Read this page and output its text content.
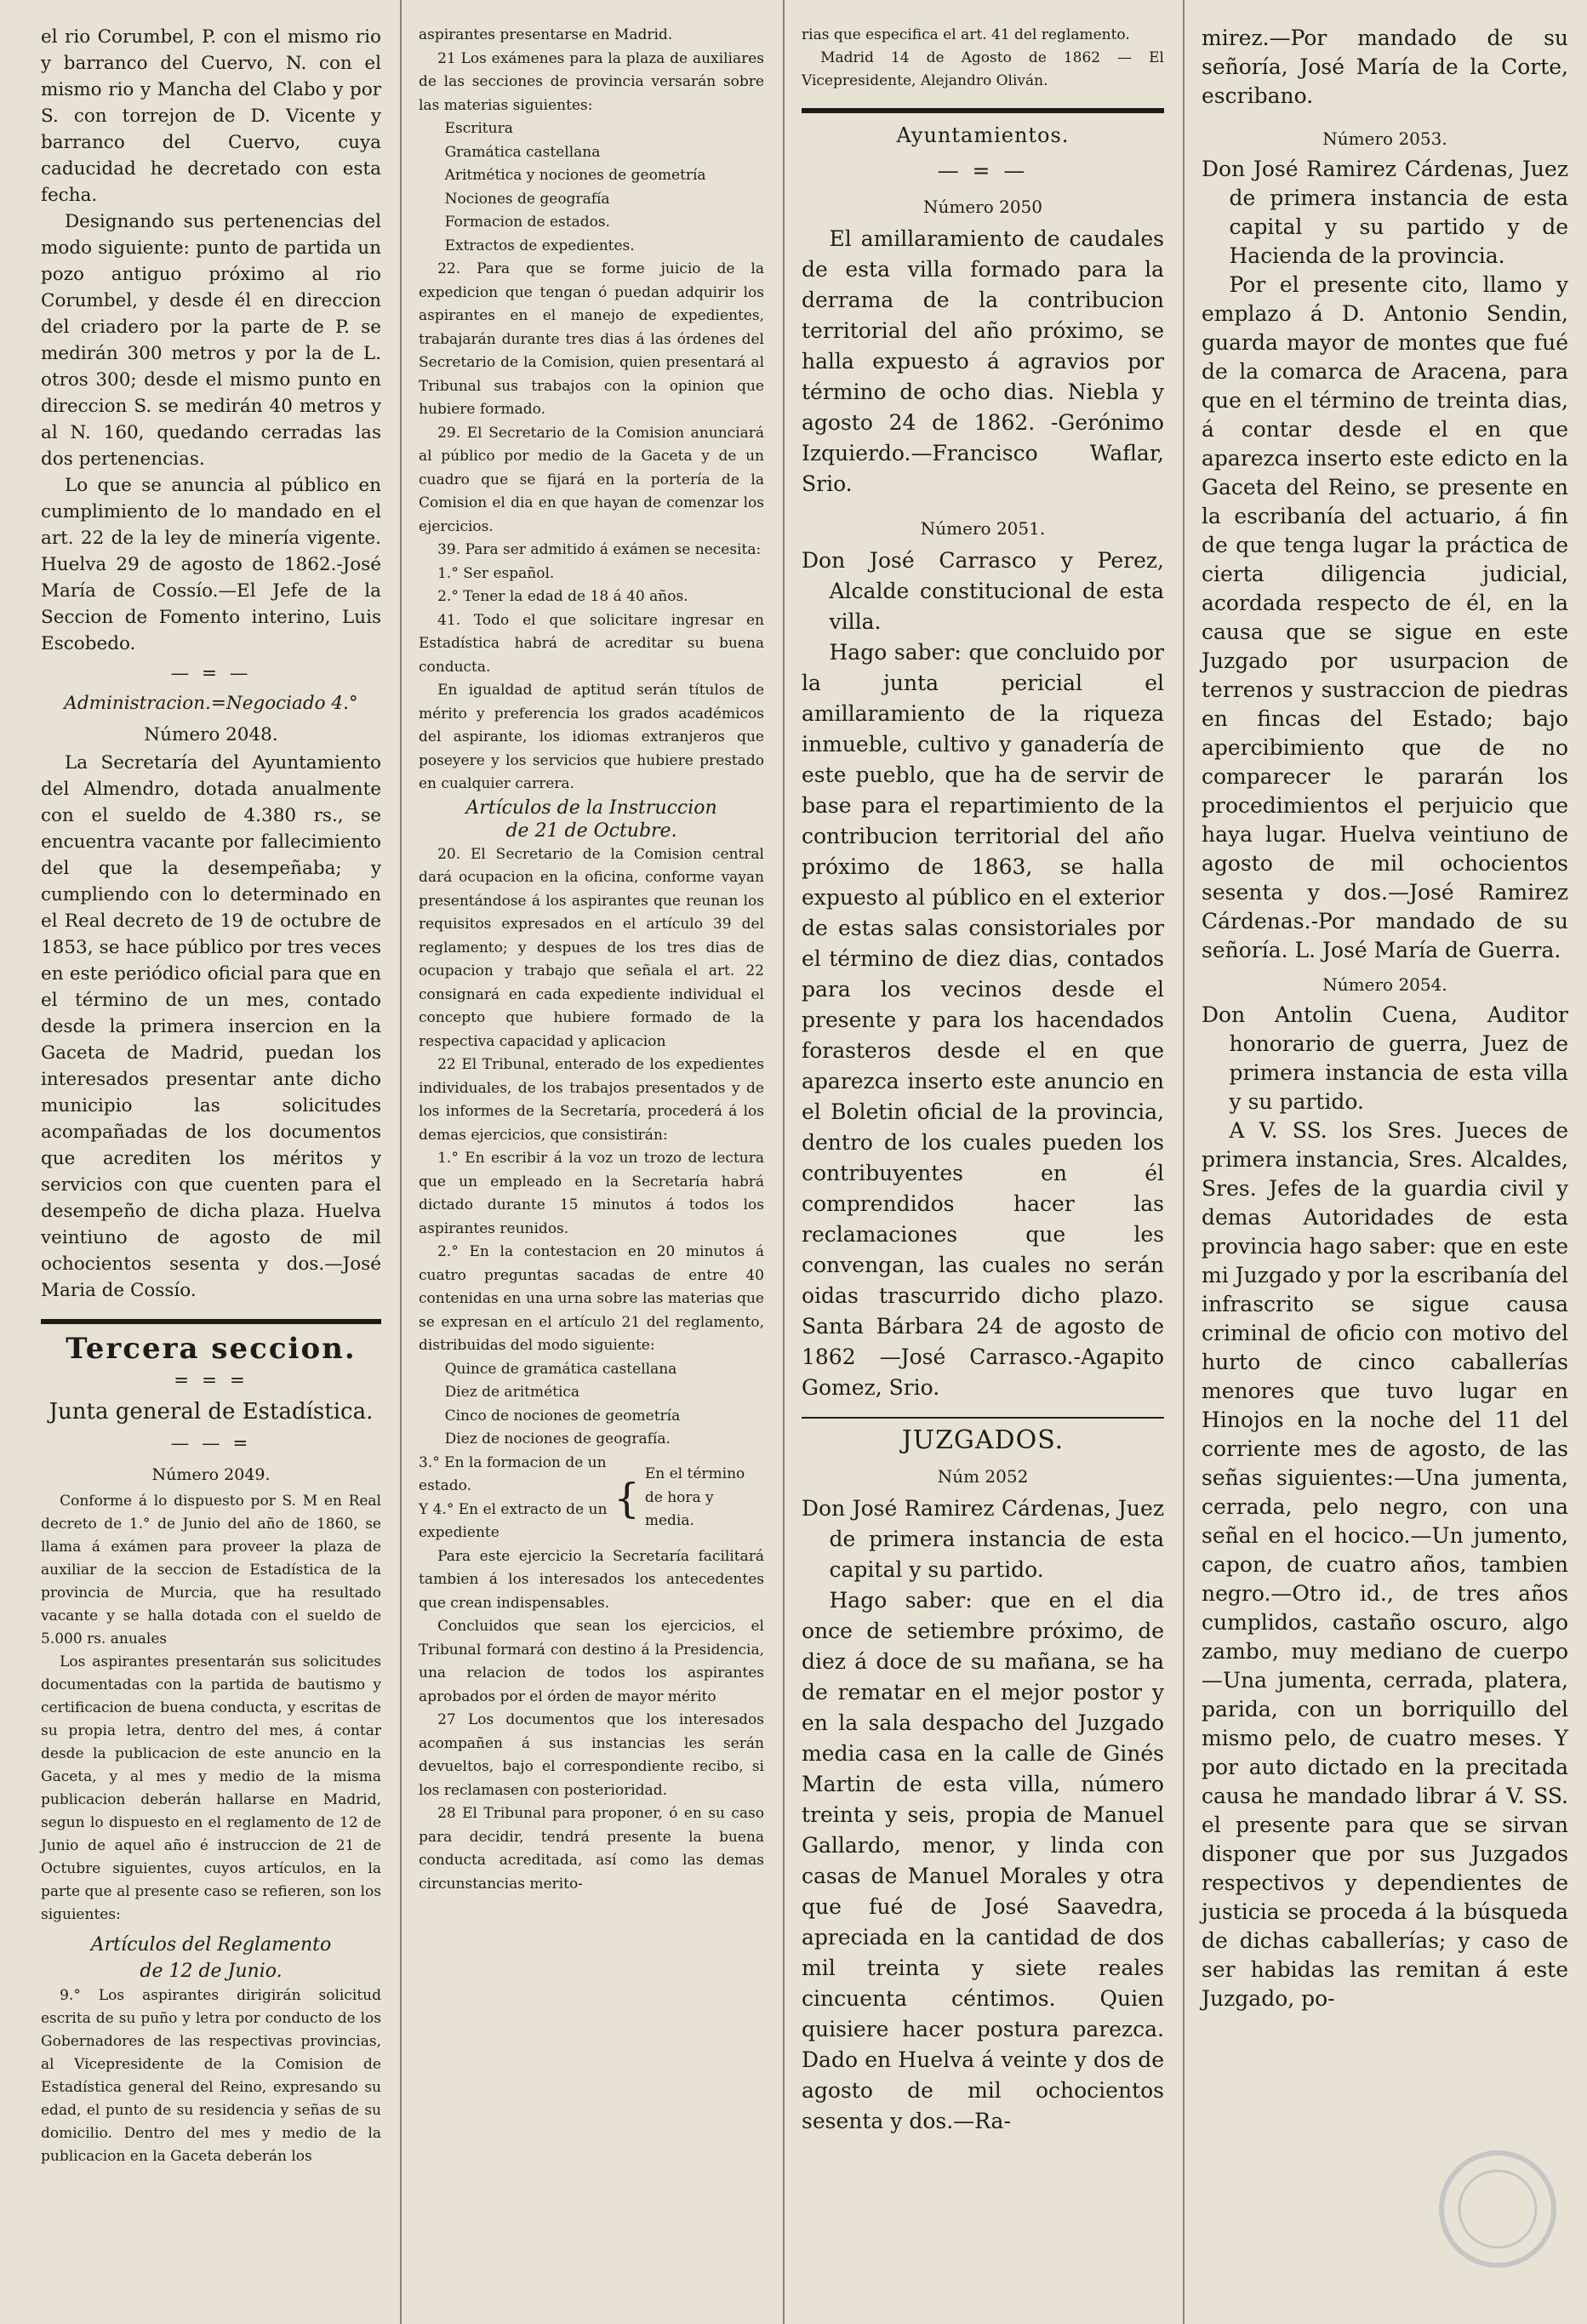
el rio Corumbel, P. con el mismo rio y barranco del Cuervo, N. con el mismo rio y Mancha del Clabo y por S. con torrejon de D. Vicente y barranco del Cuervo, cuya caducidad he decretado con esta fecha.

Designando sus pertenencias del modo siguiente: punto de partida un pozo antiguo próximo al rio Corumbel, y desde él en direccion del criadero por la parte de P. se medirán 300 metros y por la de L. otros 300; desde el mismo punto en direccion S. se medirán 40 metros y al N. 160, quedando cerradas las dos pertenencias.

Lo que se anuncia al público en cumplimiento de lo mandado en el art. 22 de la ley de minería vigente. Huelva 29 de agosto de 1862.-José María de Cossío.—El Jefe de la Seccion de Fomento interino, Luis Escobedo.

— = —

Administracion.=Negociado 4.°

Número 2048.

La Secretaría del Ayuntamiento del Almendro, dotada anualmente con el sueldo de 4.380 rs., se encuentra vacante por fallecimiento del que la desempeñaba; y cumpliendo con lo determinado en el Real decreto de 19 de octubre de 1853, se hace público por tres veces en este periódico oficial para que en el término de un mes, contado desde la primera insercion en la Gaceta de Madrid, puedan los interesados presentar ante dicho municipio las solicitudes acompañadas de los documentos que acrediten los méritos y servicios con que cuenten para el desempeño de dicha plaza. Huelva veintiuno de agosto de mil ochocientos sesenta y dos.—José Maria de Cossío.

Tercera seccion.
= = =
Junta general de Estadística.
— — =
Número 2049.

Conforme á lo dispuesto por S. M en Real decreto de 1.° de Junio del año de 1860, se llama á exámen para proveer la plaza de auxiliar de la seccion de Estadística de la provincia de Murcia, que ha resultado vacante y se halla dotada con el sueldo de 5.000 rs. anuales

Los aspirantes presentarán sus solicitudes documentadas con la partida de bautismo y certificacion de buena conducta, y escritas de su propia letra, dentro del mes, á contar desde la publicacion de este anuncio en la Gaceta, y al mes y medio de la misma publicacion deberán hallarse en Madrid, segun lo dispuesto en el reglamento de 12 de Junio de aquel año é instruccion de 21 de Octubre siguientes, cuyos artículos, en la parte que al presente caso se refieren, son los siguientes:

Artículos del Reglamento
de 12 de Junio.

9.° Los aspirantes dirigirán solicitud escrita de su puño y letra por conducto de los Gobernadores de las respectivas provincias, al Vicepresidente de la Comision de Estadística general del Reino, expresando su edad, el punto de su residencia y señas de su domicilio. Dentro del mes y medio de la publicacion en la Gaceta deberán los

aspirantes presentarse en Madrid.

21 Los exámenes para la plaza de auxiliares de las secciones de provincia versarán sobre las materias siguientes:

Escritura
Gramática castellana
Aritmética y nociones de geometría
Nociones de geografía
Formacion de estados.
Extractos de expedientes.

22. Para que se forme juicio de la expedicion que tengan ó puedan adquirir los aspirantes en el manejo de expedientes, trabajarán durante tres dias á las órdenes del Secretario de la Comision, quien presentará al Tribunal sus trabajos con la opinion que hubiere formado.

29. El Secretario de la Comision anunciará al público por medio de la Gaceta y de un cuadro que se fijará en la portería de la Comision el dia en que hayan de comenzar los ejercicios.

39. Para ser admitido á exámen se necesita:

1.° Ser español.

2.° Tener la edad de 18 á 40 años.

41. Todo el que solicitare ingresar en Estadística habrá de acreditar su buena conducta.

En igualdad de aptitud serán títulos de mérito y preferencia los grados académicos del aspirante, los idiomas extranjeros que poseyere y los servicios que hubiere prestado en cualquier carrera.

Artículos de la Instruccion
de 21 de Octubre.

20. El Secretario de la Comision central dará ocupacion en la oficina, conforme vayan presentándose á los aspirantes que reunan los requisitos expresados en el artículo 39 del reglamento; y despues de los tres dias de ocupacion y trabajo que señala el art. 22 consignará en cada expediente individual el concepto que hubiere formado de la respectiva capacidad y aplicacion

22 El Tribunal, enterado de los expedientes individuales, de los trabajos presentados y de los informes de la Secretaría, procederá á los demas ejercicios, que consistirán:

1.° En escribir á la voz un trozo de lectura que un empleado en la Secretaría habrá dictado durante 15 minutos á todos los aspirantes reunidos.

2.° En la contestacion en 20 minutos á cuatro preguntas sacadas de entre 40 contenidas en una urna sobre las materias que se expresan en el artículo 21 del reglamento, distribuidas del modo siguiente:

Quince de gramática castellana
Diez de aritmética
Cinco de nociones de geometría
Diez de nociones de geografía.
3.° En la formacion de un estado.
Y 4.° En el extracto de un expediente
{
En el término de hora y media.

Para este ejercicio la Secretaría facilitará tambien á los interesados los antecedentes que crean indispensables.

Concluidos que sean los ejercicios, el Tribunal formará con destino á la Presidencia, una relacion de todos los aspirantes aprobados por el órden de mayor mérito

27 Los documentos que los interesados acompañen á sus instancias les serán devueltos, bajo el correspondiente recibo, si los reclamasen con posterioridad.

28 El Tribunal para proponer, ó en su caso para decidir, tendrá presente la buena conducta acreditada, así como las demas circunstancias merito-

rias que especifica el art. 41 del reglamento.

Madrid 14 de Agosto de 1862 — El Vicepresidente, Alejandro Oliván.

Ayuntamientos.
— = —
Número 2050

El amillaramiento de caudales de esta villa formado para la derrama de la contribucion territorial del año próximo, se halla expuesto á agravios por término de ocho dias. Niebla y agosto 24 de 1862. -Gerónimo Izquierdo.—Francisco Waflar, Srio.

Número 2051.

Don José Carrasco y Perez, Alcalde constitucional de esta villa.

Hago saber: que concluido por la junta pericial el amillaramiento de la riqueza inmueble, cultivo y ganadería de este pueblo, que ha de servir de base para el repartimiento de la contribucion territorial del año próximo de 1863, se halla expuesto al público en el exterior de estas salas consistoriales por el término de diez dias, contados para los vecinos desde el presente y para los hacendados forasteros desde el en que aparezca inserto este anuncio en el Boletin oficial de la provincia, dentro de los cuales pueden los contribuyentes en él comprendidos hacer las reclamaciones que les convengan, las cuales no serán oidas trascurrido dicho plazo. Santa Bárbara 24 de agosto de 1862 —José Carrasco.-Agapito Gomez, Srio.

JUZGADOS.
Núm 2052

Don José Ramirez Cárdenas, Juez de primera instancia de esta capital y su partido.

Hago saber: que en el dia once de setiembre próximo, de diez á doce de su mañana, se ha de rematar en el mejor postor y en la sala despacho del Juzgado media casa en la calle de Ginés Martin de esta villa, número treinta y seis, propia de Manuel Gallardo, menor, y linda con casas de Manuel Morales y otra que fué de José Saavedra, apreciada en la cantidad de dos mil treinta y siete reales cincuenta céntimos. Quien quisiere hacer postura parezca. Dado en Huelva á veinte y dos de agosto de mil ochocientos sesenta y dos.—Ra-

mirez.—Por mandado de su señoría, José María de la Corte, escribano.

Número 2053.

Don José Ramirez Cárdenas, Juez de primera instancia de esta capital y su partido y de Hacienda de la provincia.

Por el presente cito, llamo y emplazo á D. Antonio Sendin, guarda mayor de montes que fué de la comarca de Aracena, para que en el término de treinta dias, á contar desde el en que aparezca inserto este edicto en la Gaceta del Reino, se presente en la escribanía del actuario, á fin de que tenga lugar la práctica de cierta diligencia judicial, acordada respecto de él, en la causa que se sigue en este Juzgado por usurpacion de terrenos y sustraccion de piedras en fincas del Estado; bajo apercibimiento que de no comparecer le pararán los procedimientos el perjuicio que haya lugar. Huelva veintiuno de agosto de mil ochocientos sesenta y dos.—José Ramirez Cárdenas.-Por mandado de su señoría. L. José María de Guerra.

Número 2054.

Don Antolin Cuena, Auditor honorario de guerra, Juez de primera instancia de esta villa y su partido.

A V. SS. los Sres. Jueces de primera instancia, Sres. Alcaldes, Sres. Jefes de la guardia civil y demas Autoridades de esta provincia hago saber: que en este mi Juzgado y por la escribanía del infrascrito se sigue causa criminal de oficio con motivo del hurto de cinco caballerías menores que tuvo lugar en Hinojos en la noche del 11 del corriente mes de agosto, de las señas siguientes:—Una jumenta, cerrada, pelo negro, con una señal en el hocico.—Un jumento, capon, de cuatro años, tambien negro.—Otro id., de tres años cumplidos, castaño oscuro, algo zambo, muy mediano de cuerpo —Una jumenta, cerrada, platera, parida, con un borriquillo del mismo pelo, de cuatro meses. Y por auto dictado en la precitada causa he mandado librar á V. SS. el presente para que se sirvan disponer que por sus Juzgados respectivos y dependientes de justicia se proceda á la búsqueda de dichas caballerías; y caso de ser habidas las remitan á este Juzgado, po-
